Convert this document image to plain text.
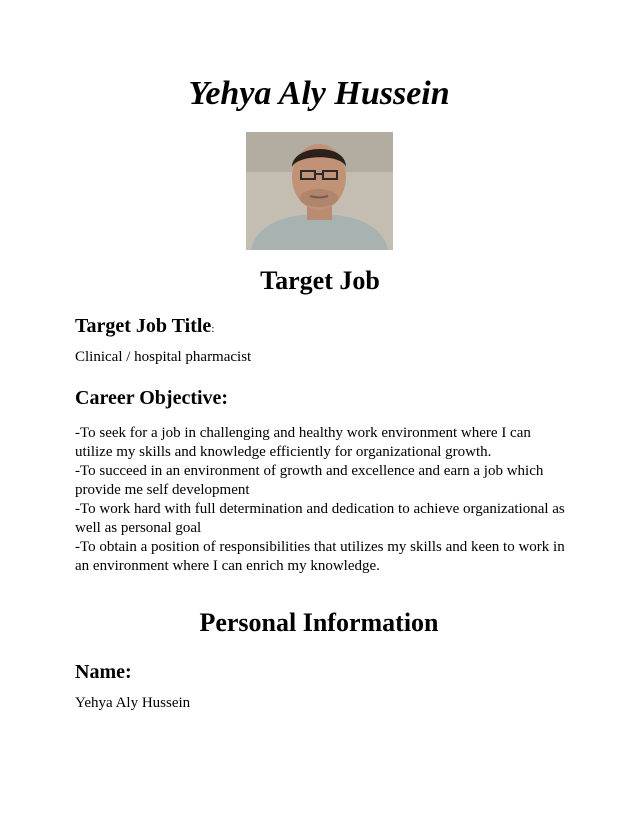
Yehya Aly Hussein
Target Job
Target Job Title:

Clinical / hospital pharmacist

Career Objective:
-To seek for a job in challenging and healthy work environment where I can utilize my skills and knowledge efficiently for organizational growth.
-To succeed in an environment of growth and excellence and earn a job which provide me self development
-To work hard with full determination and dedication to achieve organizational as well as personal goal
-To obtain a position of responsibilities that utilizes my skills and keen to work in an environment where I can enrich my knowledge.
Personal Information
Name:

Yehya Aly Hussein
